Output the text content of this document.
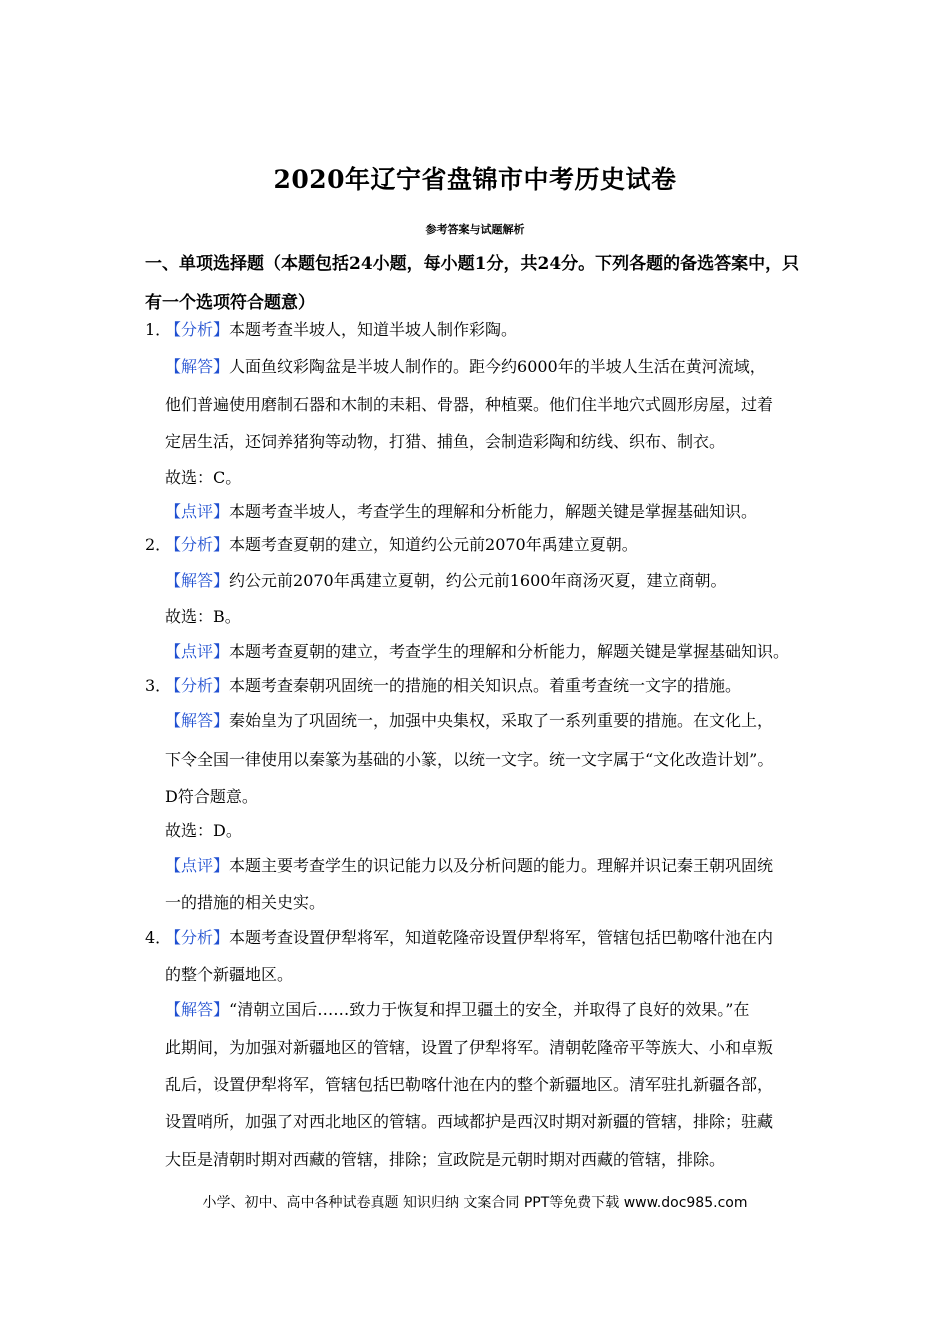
2020年辽宁省盘锦市中考历史试卷
参考答案与试题解析
一、单项选择题（本题包括24小题，每小题1分，共24分。下列各题的备选答案中，只
有一个选项符合题意）
1．
【分析】本题考查半坡人，知道半坡人制作彩陶。
【解答】人面鱼纹彩陶盆是半坡人制作的。距今约6000年的半坡人生活在黄河流域，
他们普遍使用磨制石器和木制的耒耜、骨器，种植粟。他们住半地穴式圆形房屋，过着
定居生活，还饲养猪狗等动物，打猎、捕鱼，会制造彩陶和纺线、织布、制衣。
故选：C。
【点评】本题考查半坡人，考查学生的理解和分析能力，解题关键是掌握基础知识。
2．
【分析】本题考查夏朝的建立，知道约公元前2070年禹建立夏朝。
【解答】约公元前2070年禹建立夏朝，约公元前1600年商汤灭夏，建立商朝。
故选：B。
【点评】本题考查夏朝的建立，考查学生的理解和分析能力，解题关键是掌握基础知识。
3．
【分析】本题考查秦朝巩固统一的措施的相关知识点。着重考查统一文字的措施。
【解答】秦始皇为了巩固统一，加强中央集权，采取了一系列重要的措施。在文化上，
下令全国一律使用以秦篆为基础的小篆，以统一文字。统一文字属于“文化改造计划”。
D符合题意。
故选：D。
【点评】本题主要考查学生的识记能力以及分析问题的能力。理解并识记秦王朝巩固统
一的措施的相关史实。
4．
【分析】本题考查设置伊犁将军，知道乾隆帝设置伊犁将军，管辖包括巴勒喀什池在内
的整个新疆地区。
【解答】“清朝立国后……致力于恢复和捍卫疆土的安全，并取得了良好的效果。”在
此期间，为加强对新疆地区的管辖，设置了伊犁将军。清朝乾隆帝平等族大、小和卓叛
乱后，设置伊犁将军，管辖包括巴勒喀什池在内的整个新疆地区。清军驻扎新疆各部，
设置哨所，加强了对西北地区的管辖。西域都护是西汉时期对新疆的管辖，排除；驻藏
大臣是清朝时期对西藏的管辖，排除；宣政院是元朝时期对西藏的管辖，排除。
小学、初中、高中各种试卷真题 知识归纳 文案合同 PPT等免费下载 www.doc985.com
